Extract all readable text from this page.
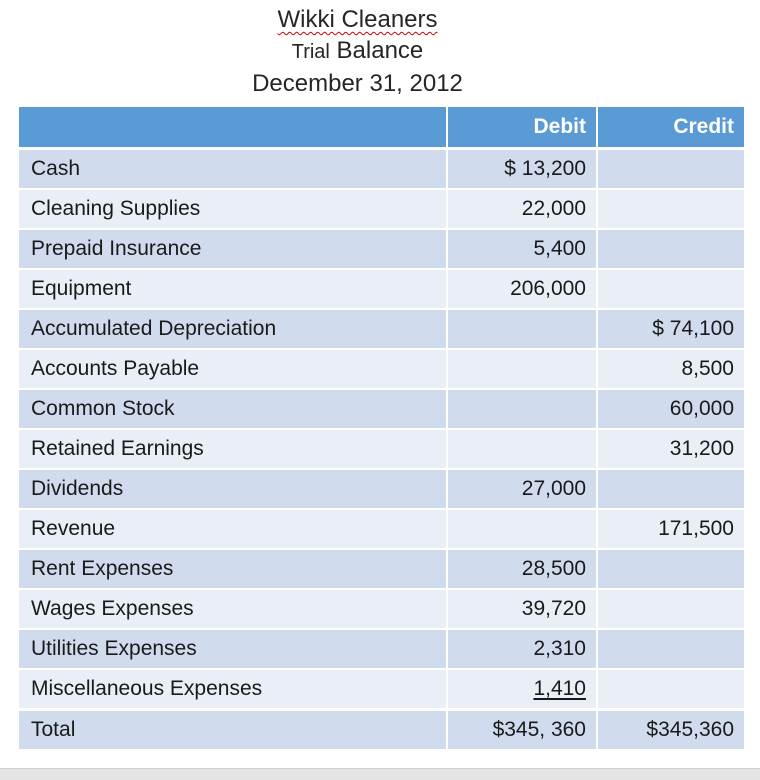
Wikki Cleaners
Trial Balance
December 31, 2012
	Debit	Credit
Cash	$ 13,200	
Cleaning Supplies	22,000	
Prepaid Insurance	5,400	
Equipment	206,000	
Accumulated Depreciation		$ 74,100
Accounts Payable		8,500
Common Stock		60,000
Retained Earnings		31,200
Dividends	27,000	
Revenue		171,500
Rent Expenses	28,500	
Wages Expenses	39,720	
Utilities Expenses	2,310	
Miscellaneous Expenses	1,410	
Total	$345, 360	$345,360
